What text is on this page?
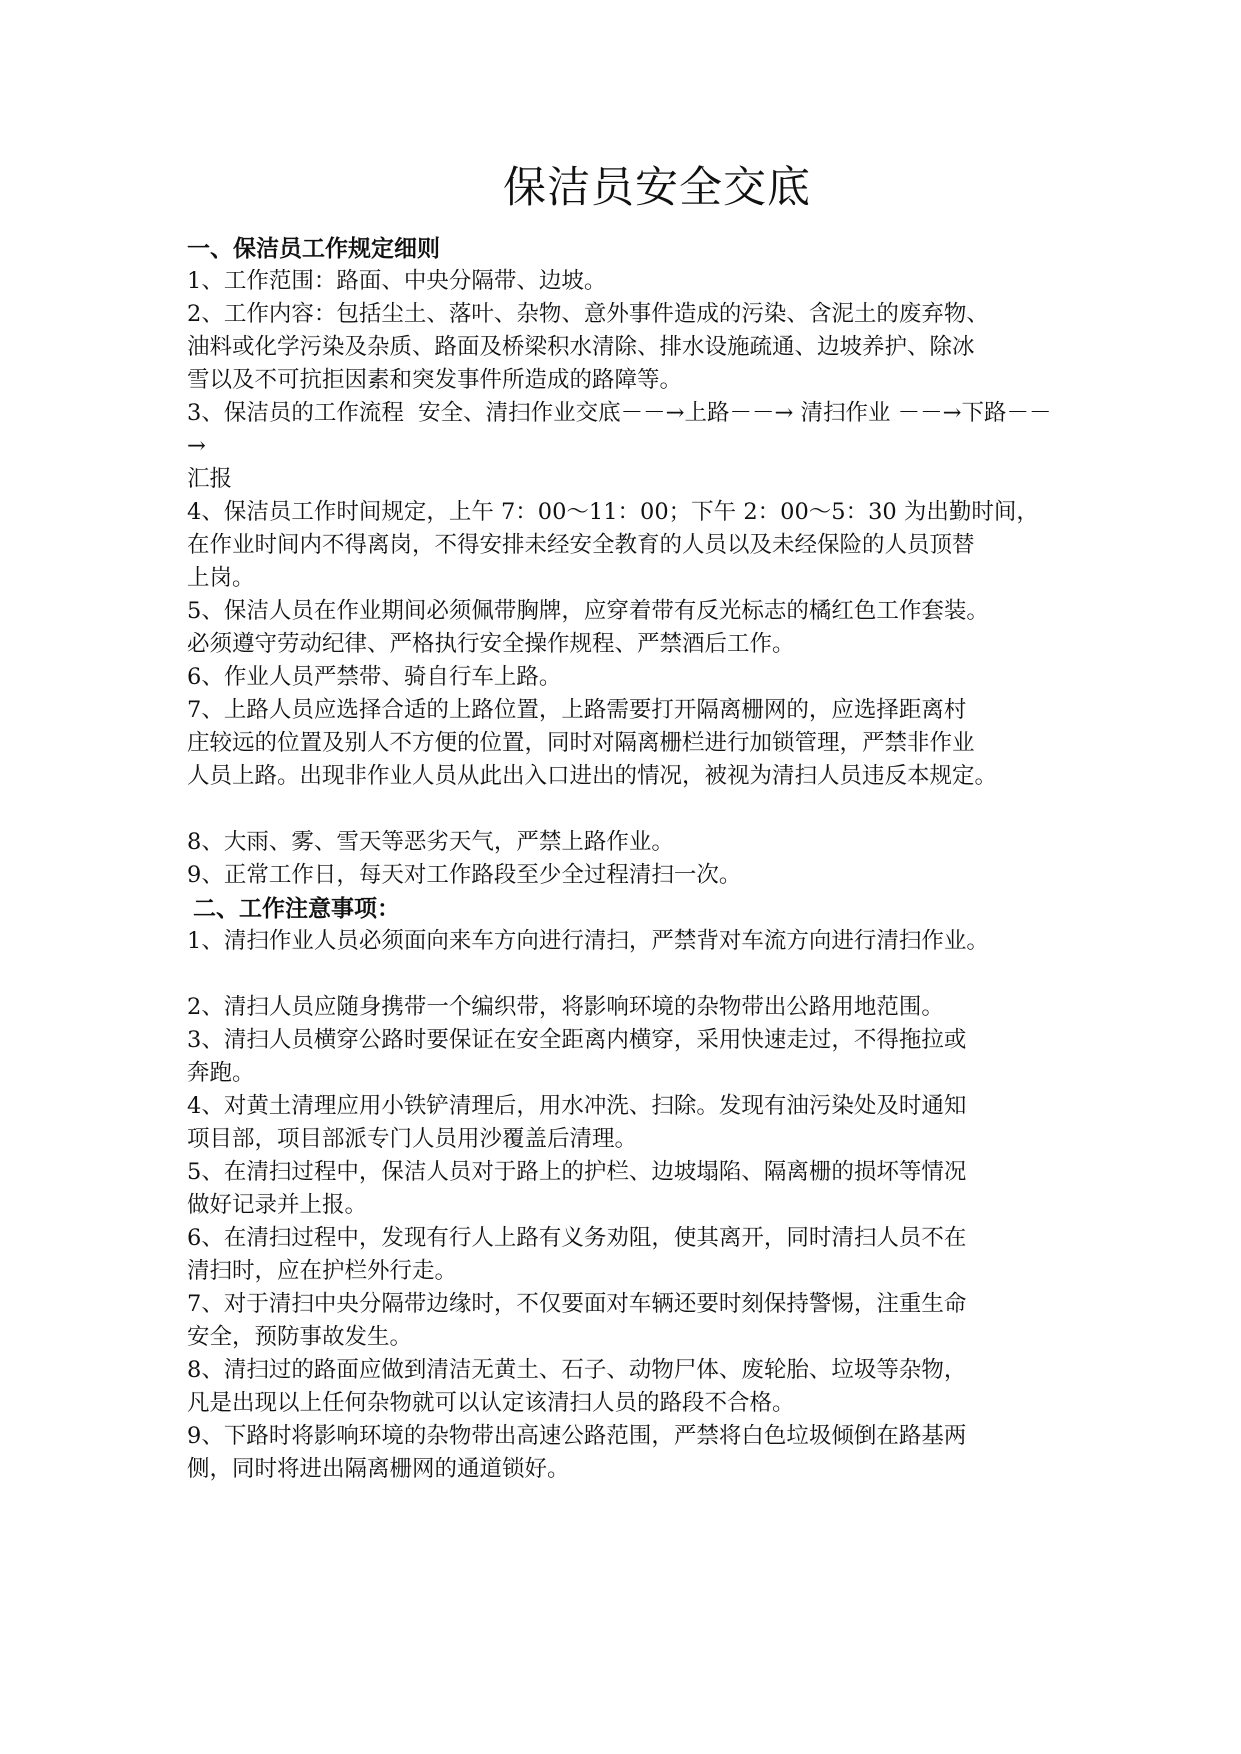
保洁员安全交底

一、保洁员工作规定细则

1、工作范围：路面、中央分隔带、边坡。

2、工作内容：包括尘土、落叶、杂物、意外事件造成的污染、含泥土的废弃物、
油料或化学污染及杂质、路面及桥梁积水清除、排水设施疏通、边坡养护、除冰
雪以及不可抗拒因素和突发事件所造成的路障等。

3、保洁员的工作流程  安全、清扫作业交底－－→上路－－→ 清扫作业 －－→下路－－→
汇报

4、保洁员工作时间规定，上午 7：00～11：00；下午 2：00～5：30 为出勤时间，
在作业时间内不得离岗，不得安排未经安全教育的人员以及未经保险的人员顶替
上岗。

5、保洁人员在作业期间必须佩带胸牌，应穿着带有反光标志的橘红色工作套装。
必须遵守劳动纪律、严格执行安全操作规程、严禁酒后工作。

6、作业人员严禁带、骑自行车上路。

7、上路人员应选择合适的上路位置，上路需要打开隔离栅网的，应选择距离村
庄较远的位置及别人不方便的位置，同时对隔离栅栏进行加锁管理，严禁非作业
人员上路。出现非作业人员从此出入口进出的情况，被视为清扫人员违反本规定。

8、大雨、雾、雪天等恶劣天气，严禁上路作业。

9、正常工作日，每天对工作路段至少全过程清扫一次。

二、工作注意事项：

1、清扫作业人员必须面向来车方向进行清扫，严禁背对车流方向进行清扫作业。

2、清扫人员应随身携带一个编织带，将影响环境的杂物带出公路用地范围。

3、清扫人员横穿公路时要保证在安全距离内横穿，采用快速走过，不得拖拉或
奔跑。

4、对黄土清理应用小铁铲清理后，用水冲洗、扫除。发现有油污染处及时通知
项目部，项目部派专门人员用沙覆盖后清理。

5、在清扫过程中，保洁人员对于路上的护栏、边坡塌陷、隔离栅的损坏等情况
做好记录并上报。

6、在清扫过程中，发现有行人上路有义务劝阻，使其离开，同时清扫人员不在
清扫时，应在护栏外行走。

7、对于清扫中央分隔带边缘时，不仅要面对车辆还要时刻保持警惕，注重生命
安全，预防事故发生。

8、清扫过的路面应做到清洁无黄土、石子、动物尸体、废轮胎、垃圾等杂物，
凡是出现以上任何杂物就可以认定该清扫人员的路段不合格。

9、下路时将影响环境的杂物带出高速公路范围，严禁将白色垃圾倾倒在路基两
侧，同时将进出隔离栅网的通道锁好。
